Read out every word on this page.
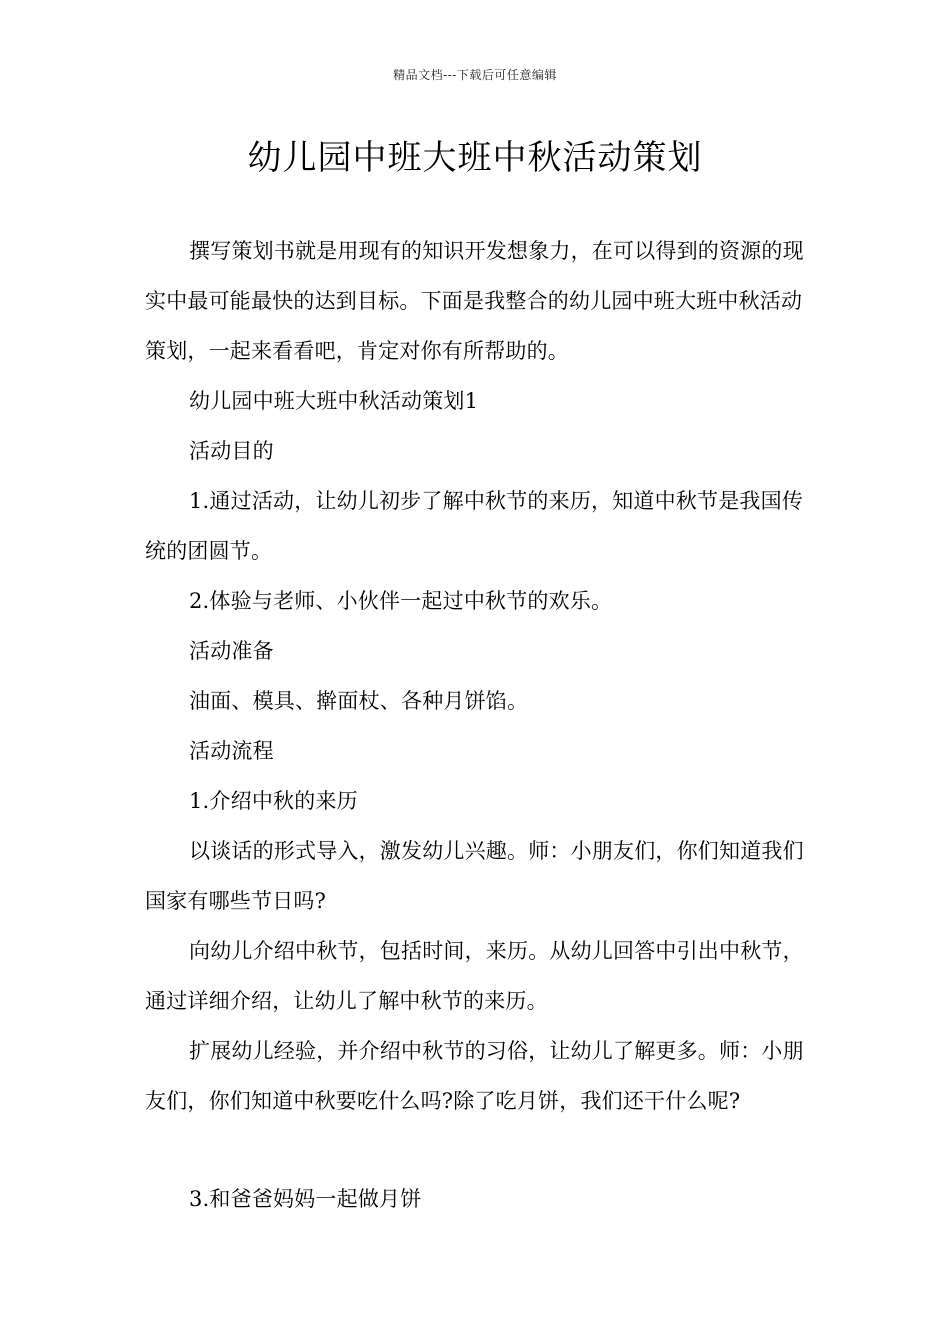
精品文档---下载后可任意编辑
幼儿园中班大班中秋活动策划

撰写策划书就是用现有的知识开发想象力，在可以得到的资源的现实中最可能最快的达到目标。下面是我整合的幼儿园中班大班中秋活动策划，一起来看看吧，肯定对你有所帮助的。

幼儿园中班大班中秋活动策划1

活动目的

1.通过活动，让幼儿初步了解中秋节的来历，知道中秋节是我国传统的团圆节。

2.体验与老师、小伙伴一起过中秋节的欢乐。

活动准备

油面、模具、擀面杖、各种月饼馅。

活动流程

1.介绍中秋的来历

以谈话的形式导入，激发幼儿兴趣。师：小朋友们，你们知道我们国家有哪些节日吗?

向幼儿介绍中秋节，包括时间，来历。从幼儿回答中引出中秋节，通过详细介绍，让幼儿了解中秋节的来历。

扩展幼儿经验，并介绍中秋节的习俗，让幼儿了解更多。师：小朋友们，你们知道中秋要吃什么吗?除了吃月饼，我们还干什么呢?

3.和爸爸妈妈一起做月饼
